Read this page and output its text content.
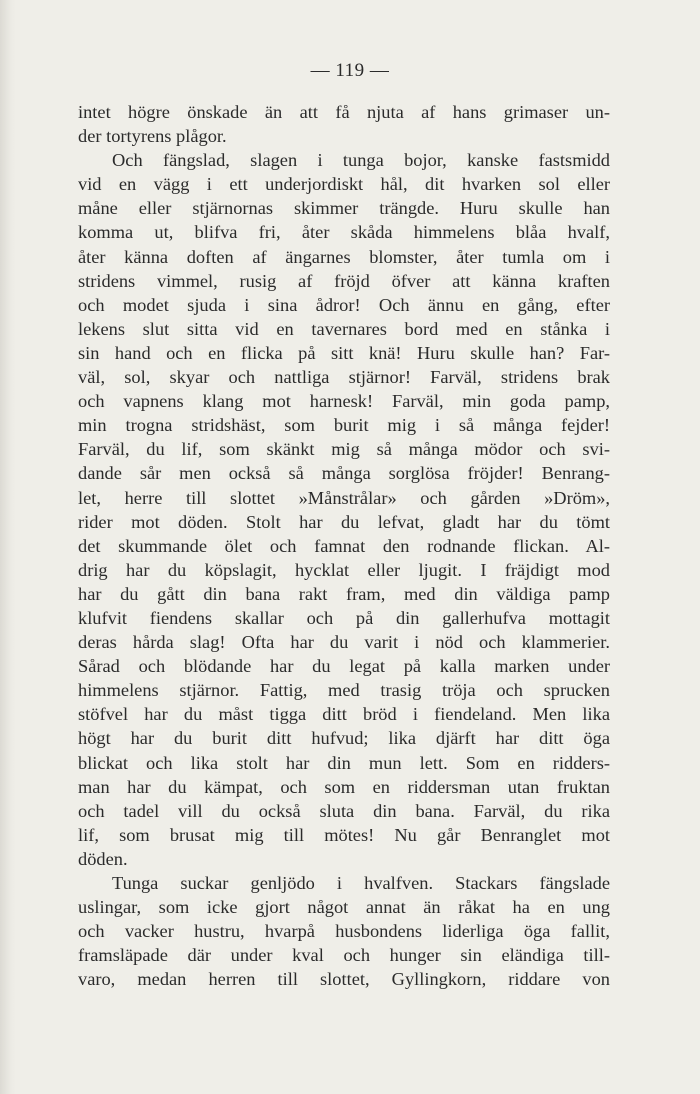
— 119 —
intet högre önskade än att få njuta af hans grimaser un-
der tortyrens plågor.
Och fängslad, slagen i tunga bojor, kanske fastsmidd
vid en vägg i ett underjordiskt hål, dit hvarken sol eller
måne eller stjärnornas skimmer trängde. Huru skulle han
komma ut, blifva fri, åter skåda himmelens blåa hvalf,
åter känna doften af ängarnes blomster, åter tumla om i
stridens vimmel, rusig af fröjd öfver att känna kraften
och modet sjuda i sina ådror! Och ännu en gång, efter
lekens slut sitta vid en tavernares bord med en stånka i
sin hand och en flicka på sitt knä! Huru skulle han? Far-
väl, sol, skyar och nattliga stjärnor! Farväl, stridens brak
och vapnens klang mot harnesk! Farväl, min goda pamp,
min trogna stridshäst, som burit mig i så många fejder!
Farväl, du lif, som skänkt mig så många mödor och svi-
dande sår men också så många sorglösa fröjder! Benrang-
let, herre till slottet »Månstrålar» och gården »Dröm»,
rider mot döden. Stolt har du lefvat, gladt har du tömt
det skummande ölet och famnat den rodnande flickan. Al-
drig har du köpslagit, hycklat eller ljugit. I fräjdigt mod
har du gått din bana rakt fram, med din väldiga pamp
klufvit fiendens skallar och på din gallerhufva mottagit
deras hårda slag! Ofta har du varit i nöd och klammerier.
Sårad och blödande har du legat på kalla marken under
himmelens stjärnor. Fattig, med trasig tröja och sprucken
stöfvel har du måst tigga ditt bröd i fiendeland. Men lika
högt har du burit ditt hufvud; lika djärft har ditt öga
blickat och lika stolt har din mun lett. Som en ridders-
man har du kämpat, och som en riddersman utan fruktan
och tadel vill du också sluta din bana. Farväl, du rika
lif, som brusat mig till mötes! Nu går Benranglet mot
döden.
Tunga suckar genljödo i hvalfven. Stackars fängslade
uslingar, som icke gjort något annat än råkat ha en ung
och vacker hustru, hvarpå husbondens liderliga öga fallit,
framsläpade där under kval och hunger sin eländiga till-
varo, medan herren till slottet, Gyllingkorn, riddare von
